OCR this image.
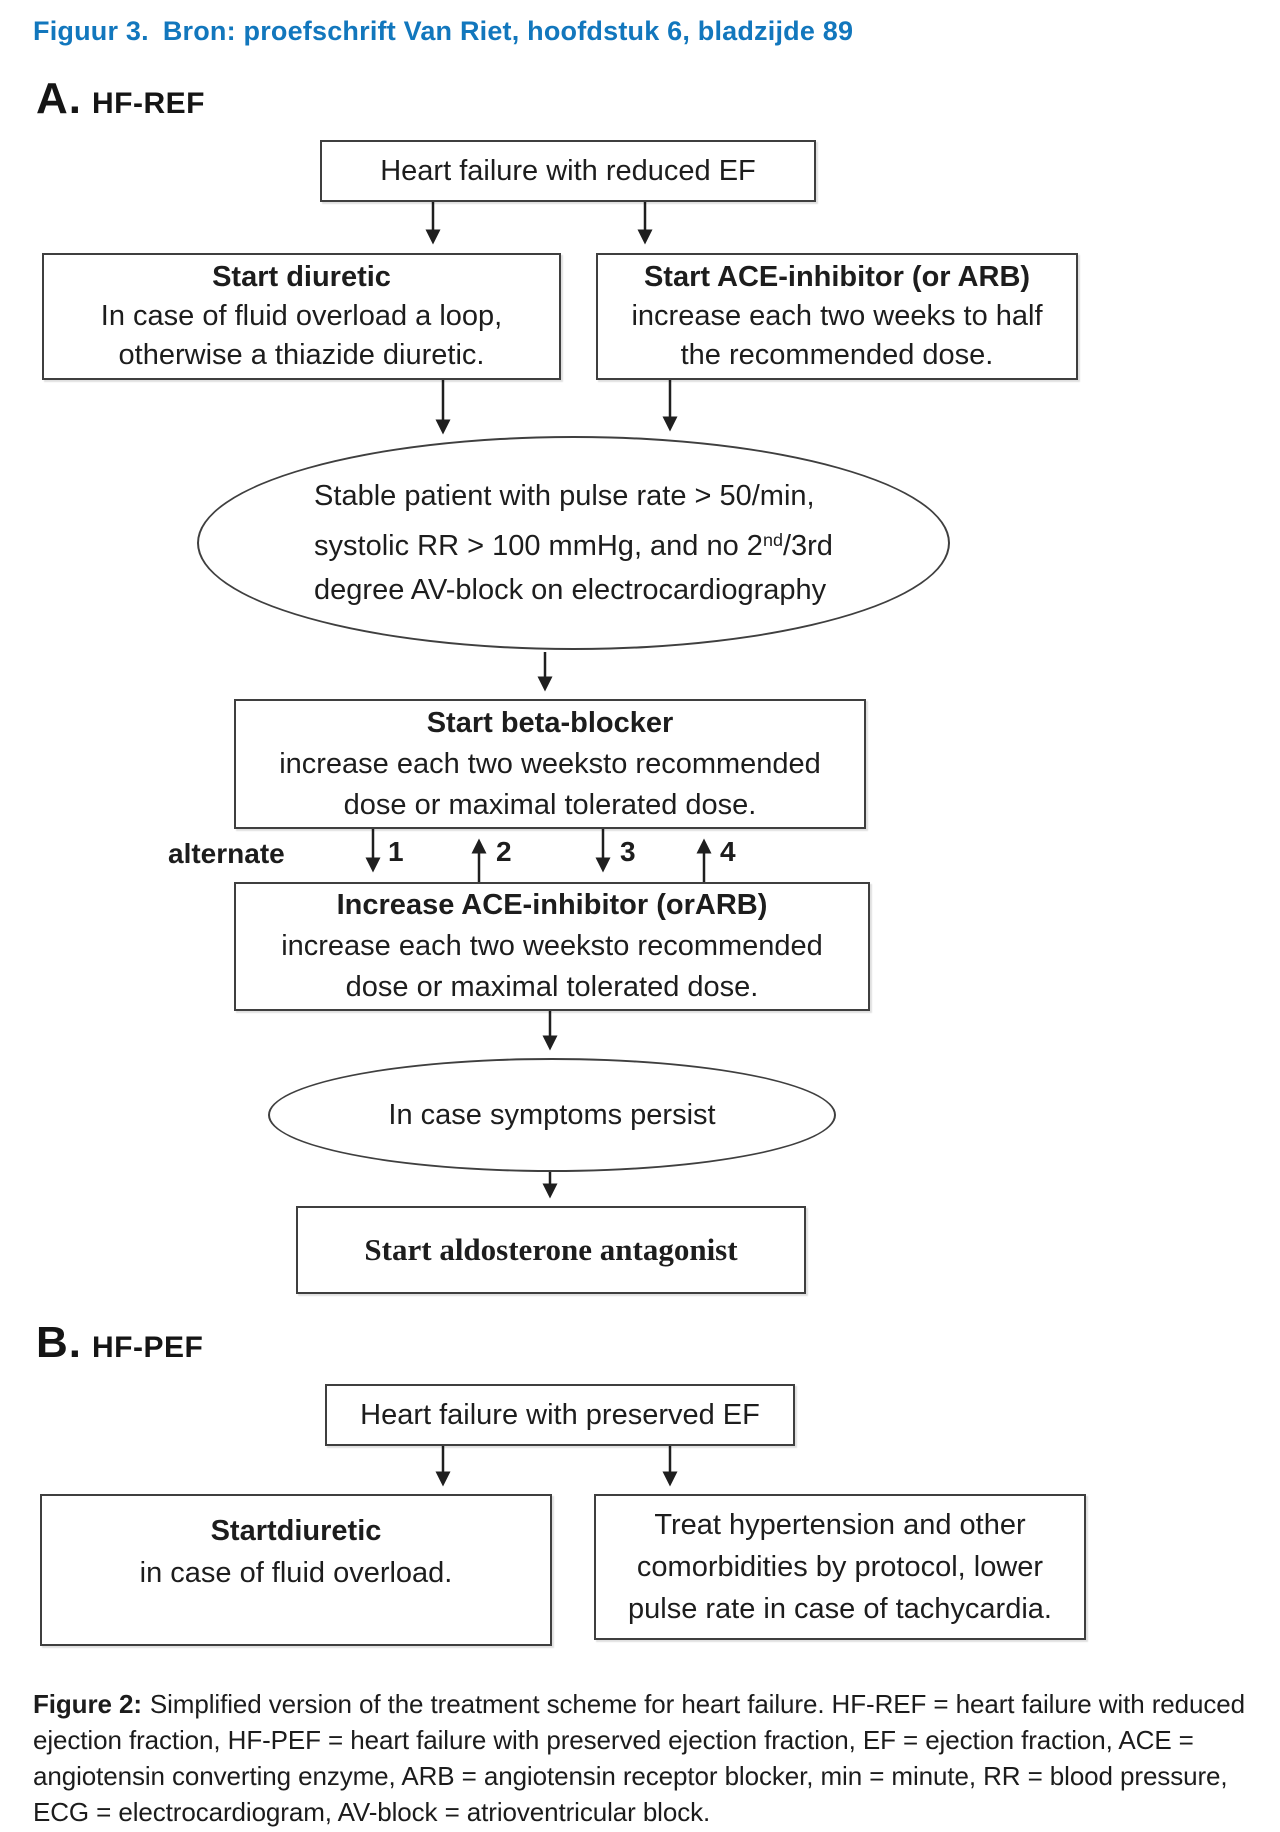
Figuur 3. Bron: proefschrift Van Riet, hoofdstuk 6, bladzijde 89
A. HF-REF
Heart failure with reduced EF
Start diuretic
In case of fluid overload a loop,
otherwise a thiazide diuretic.
Start ACE-inhibitor (or ARB)
increase each two weeks to half
the recommended dose.
Stable patient with pulse rate > 50/min,
systolic RR > 100 mmHg, and no 2nd/3rd
degree AV-block on electrocardiography
Start beta-blocker
increase each two weeksto recommended
dose or maximal tolerated dose.
alternate	1	2	3	4
Increase ACE-inhibitor (orARB)
increase each two weeksto recommended
dose or maximal tolerated dose.
In case symptoms persist
Start aldosterone antagonist
B. HF-PEF
Heart failure with preserved EF
Startdiuretic
in case of fluid overload.
Treat hypertension and other
comorbidities by protocol, lower
pulse rate in case of tachycardia.
Figure 2: Simplified version of the treatment scheme for heart failure. HF-REF = heart failure with reduced ejection fraction, HF-PEF = heart failure with preserved ejection fraction, EF = ejection fraction, ACE = angiotensin converting enzyme, ARB = angiotensin receptor blocker, min = minute, RR = blood pressure, ECG = electrocardiogram, AV-block = atrioventricular block.
